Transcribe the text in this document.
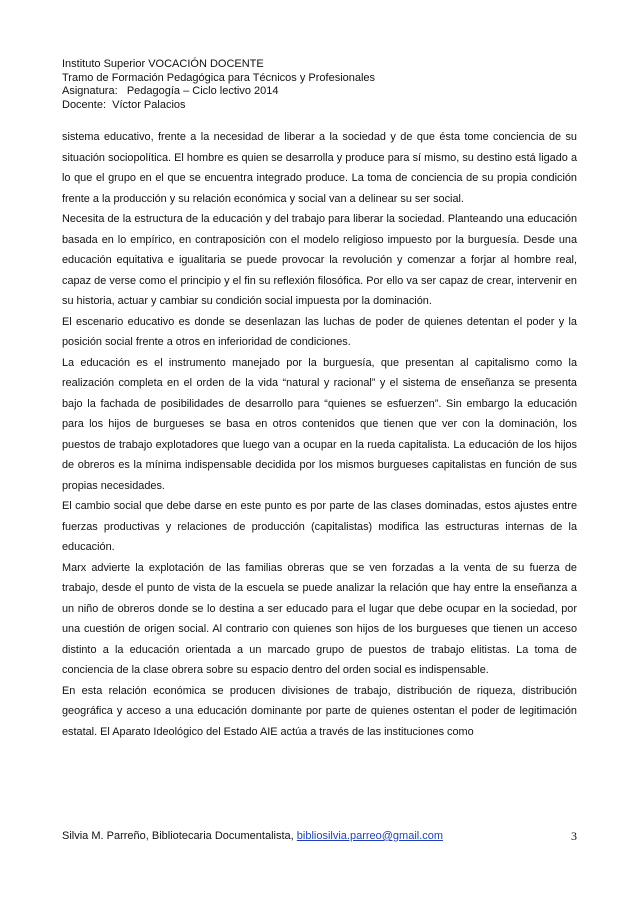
Instituto Superior VOCACIÓN DOCENTE
Tramo de Formación Pedagógica para Técnicos y Profesionales
Asignatura:   Pedagogía – Ciclo lectivo 2014
Docente:  Víctor Palacios

sistema educativo, frente a la necesidad de liberar a la sociedad y de que ésta tome conciencia de su situación sociopolítica. El hombre es quien se desarrolla y produce para sí mismo, su destino está ligado a lo que el grupo en el que se encuentra integrado produce. La toma de conciencia de su propia condición frente a la producción y su relación económica y social van a delinear su ser social.

Necesita de la estructura de la educación y del trabajo para liberar la sociedad. Planteando una educación basada en lo empírico, en contraposición con el modelo religioso impuesto por la burguesía. Desde una educación equitativa e igualitaria se puede provocar la revolución y comenzar a forjar al hombre real, capaz de verse como el principio y el fin su reflexión filosófica. Por ello va ser capaz de crear, intervenir en su historia, actuar y cambiar su condición social impuesta por la dominación.

El escenario educativo es donde se desenlazan las luchas de poder de quienes detentan el poder y la posición social frente a otros en inferioridad de condiciones.

La educación es el instrumento manejado por la burguesía, que presentan al capitalismo como la realización completa en el orden de la vida “natural y racional” y el sistema de enseñanza se presenta bajo la fachada de posibilidades de desarrollo para “quienes se esfuerzen”. Sin embargo la educación para los hijos de burgueses se basa en otros contenidos que tienen que ver con la dominación, los puestos de trabajo explotadores que luego van a ocupar en la rueda capitalista. La educación de los hijos de obreros es la mínima indispensable decidida por los mismos burgueses capitalistas en función de sus propias necesidades.

El cambio social que debe darse en este punto es por parte de las clases dominadas, estos ajustes entre fuerzas productivas y relaciones de producción (capitalistas) modifica las estructuras internas de la educación.

Marx advierte la explotación de las familias obreras que se ven forzadas a la venta de su fuerza de trabajo, desde el punto de vista de la escuela se puede analizar la relación que hay entre la enseñanza a un niño de obreros donde se lo destina a ser educado para el lugar que debe ocupar en la sociedad, por una cuestión de origen social. Al contrario con quienes son hijos de los burgueses que tienen un acceso distinto a la educación orientada a un marcado grupo de puestos de trabajo elitistas. La toma de conciencia de la clase obrera sobre su espacio dentro del orden social es indispensable.

En esta relación económica se producen divisiones de trabajo, distribución de riqueza, distribución geográfica y acceso a una educación dominante por parte de quienes ostentan el poder de legitimación estatal. El Aparato Ideológico del Estado AIE actúa a través de las instituciones como

Silvia M. Parreño, Bibliotecaria Documentalista, bibliosilvia.parreo@gmail.com	3
